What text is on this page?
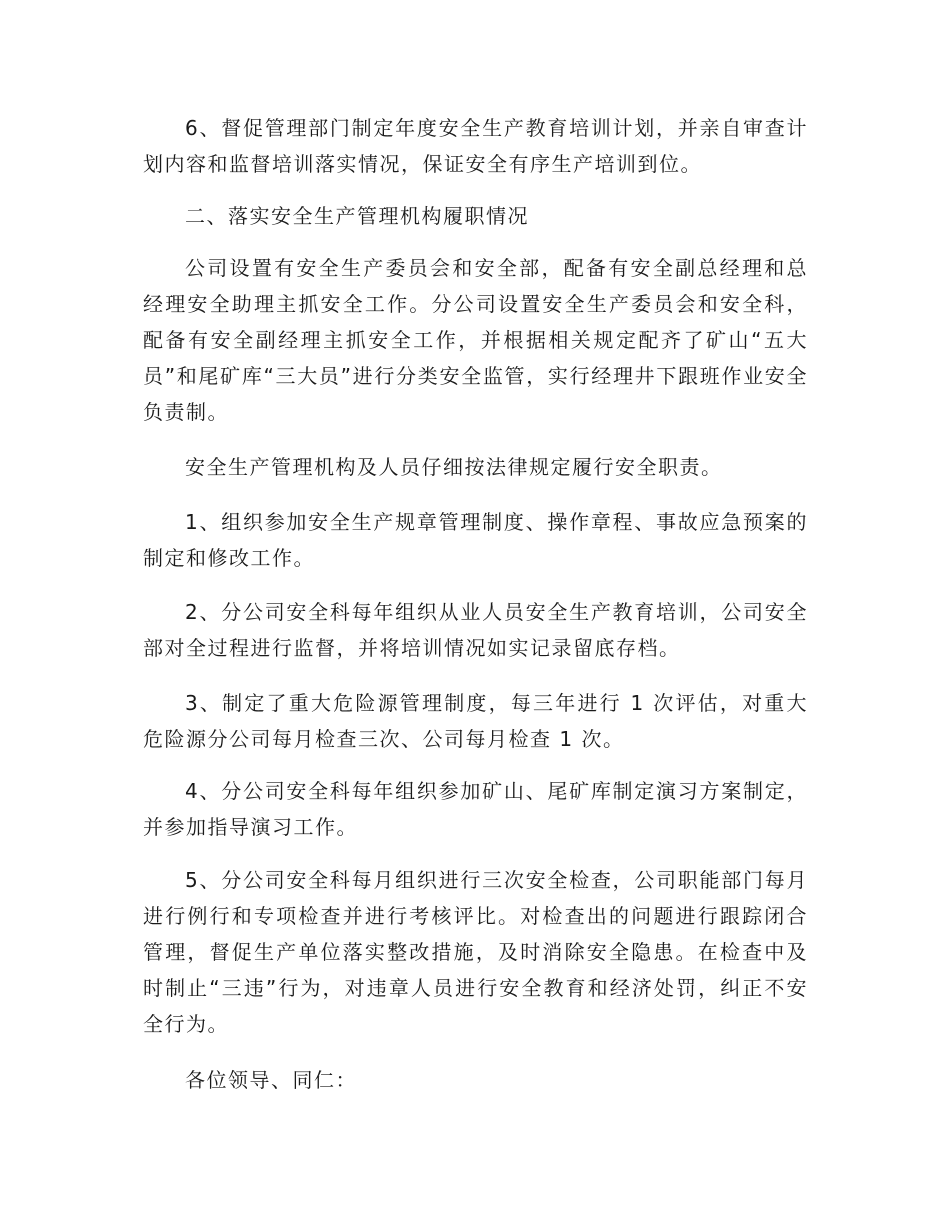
6、督促管理部门制定年度安全生产教育培训计划，并亲自审查计划内容和监督培训落实情况，保证安全有序生产培训到位。

二、落实安全生产管理机构履职情况

公司设置有安全生产委员会和安全部，配备有安全副总经理和总经理安全助理主抓安全工作。分公司设置安全生产委员会和安全科，配备有安全副经理主抓安全工作，并根据相关规定配齐了矿山“五大员”和尾矿库“三大员”进行分类安全监管，实行经理井下跟班作业安全负责制。

安全生产管理机构及人员仔细按法律规定履行安全职责。

1、组织参加安全生产规章管理制度、操作章程、事故应急预案的制定和修改工作。

2、分公司安全科每年组织从业人员安全生产教育培训，公司安全部对全过程进行监督，并将培训情况如实记录留底存档。

3、制定了重大危险源管理制度，每三年进行 1 次评估，对重大危险源分公司每月检查三次、公司每月检查 1 次。

4、分公司安全科每年组织参加矿山、尾矿库制定演习方案制定，并参加指导演习工作。

5、分公司安全科每月组织进行三次安全检查，公司职能部门每月进行例行和专项检查并进行考核评比。对检查出的问题进行跟踪闭合管理，督促生产单位落实整改措施，及时消除安全隐患。在检查中及时制止“三违”行为，对违章人员进行安全教育和经济处罚，纠正不安全行为。

各位领导、同仁：
